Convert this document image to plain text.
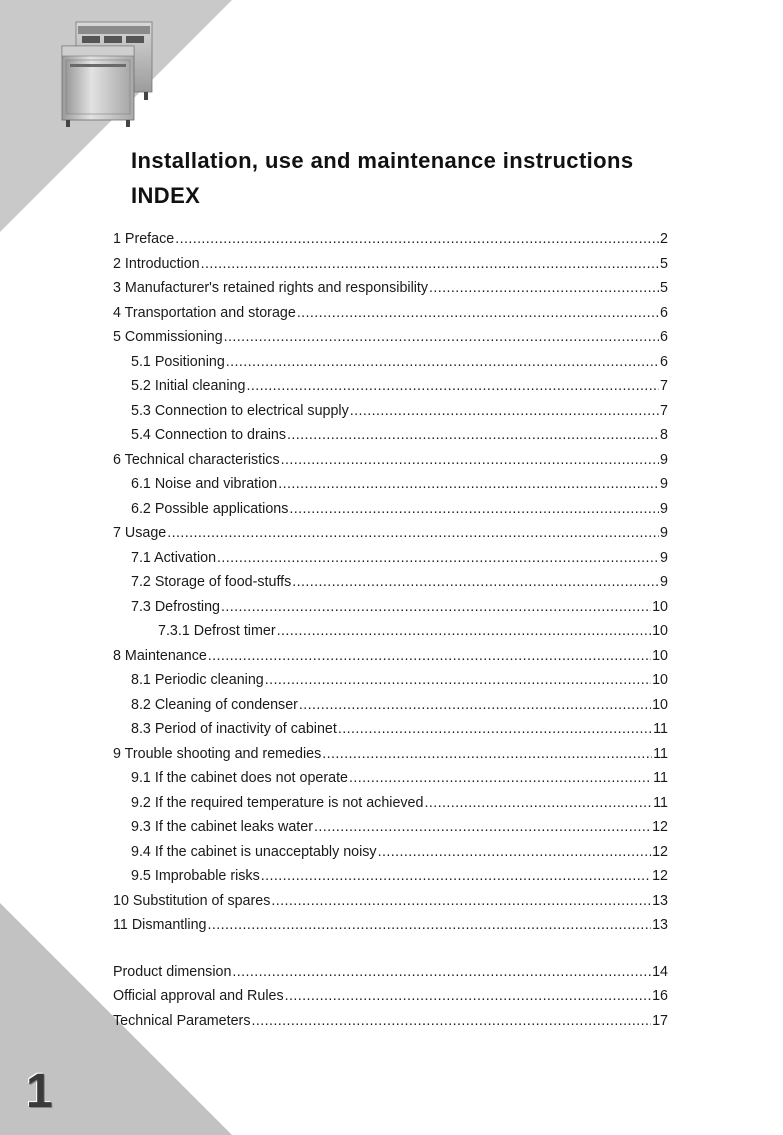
Installation, use and maintenance instructions
INDEX
1 Preface .....	2
2 Introduction .....	5
3 Manufacturer's retained rights and responsibility .....	5
4 Transportation and storage .....	6
5 Commissioning .....	6
5.1 Positioning .....	6
5.2 Initial cleaning .....	7
5.3 Connection to electrical supply .....	7
5.4 Connection to drains .....	8
6 Technical characteristics .....	9
6.1 Noise and vibration .....	9
6.2 Possible applications .....	9
7 Usage .....	9
7.1 Activation .....	9
7.2 Storage of food-stuffs .....	9
7.3 Defrosting .....	10
7.3.1 Defrost timer .....	10
8 Maintenance .....	10
8.1 Periodic cleaning .....	10
8.2 Cleaning of condenser .....	10
8.3 Period of inactivity of cabinet .....	11
9 Trouble shooting and remedies .....	11
9.1 If the cabinet does not operate .....	11
9.2 If the required temperature is not achieved .....	11
9.3 If the cabinet leaks water .....	12
9.4 If the cabinet is unacceptably noisy .....	12
9.5 Improbable risks .....	12
10 Substitution of spares .....	13
11 Dismantling .....	13
Product dimension .....	14
Official approval and Rules .....	16
Technical Parameters .....	17
1
